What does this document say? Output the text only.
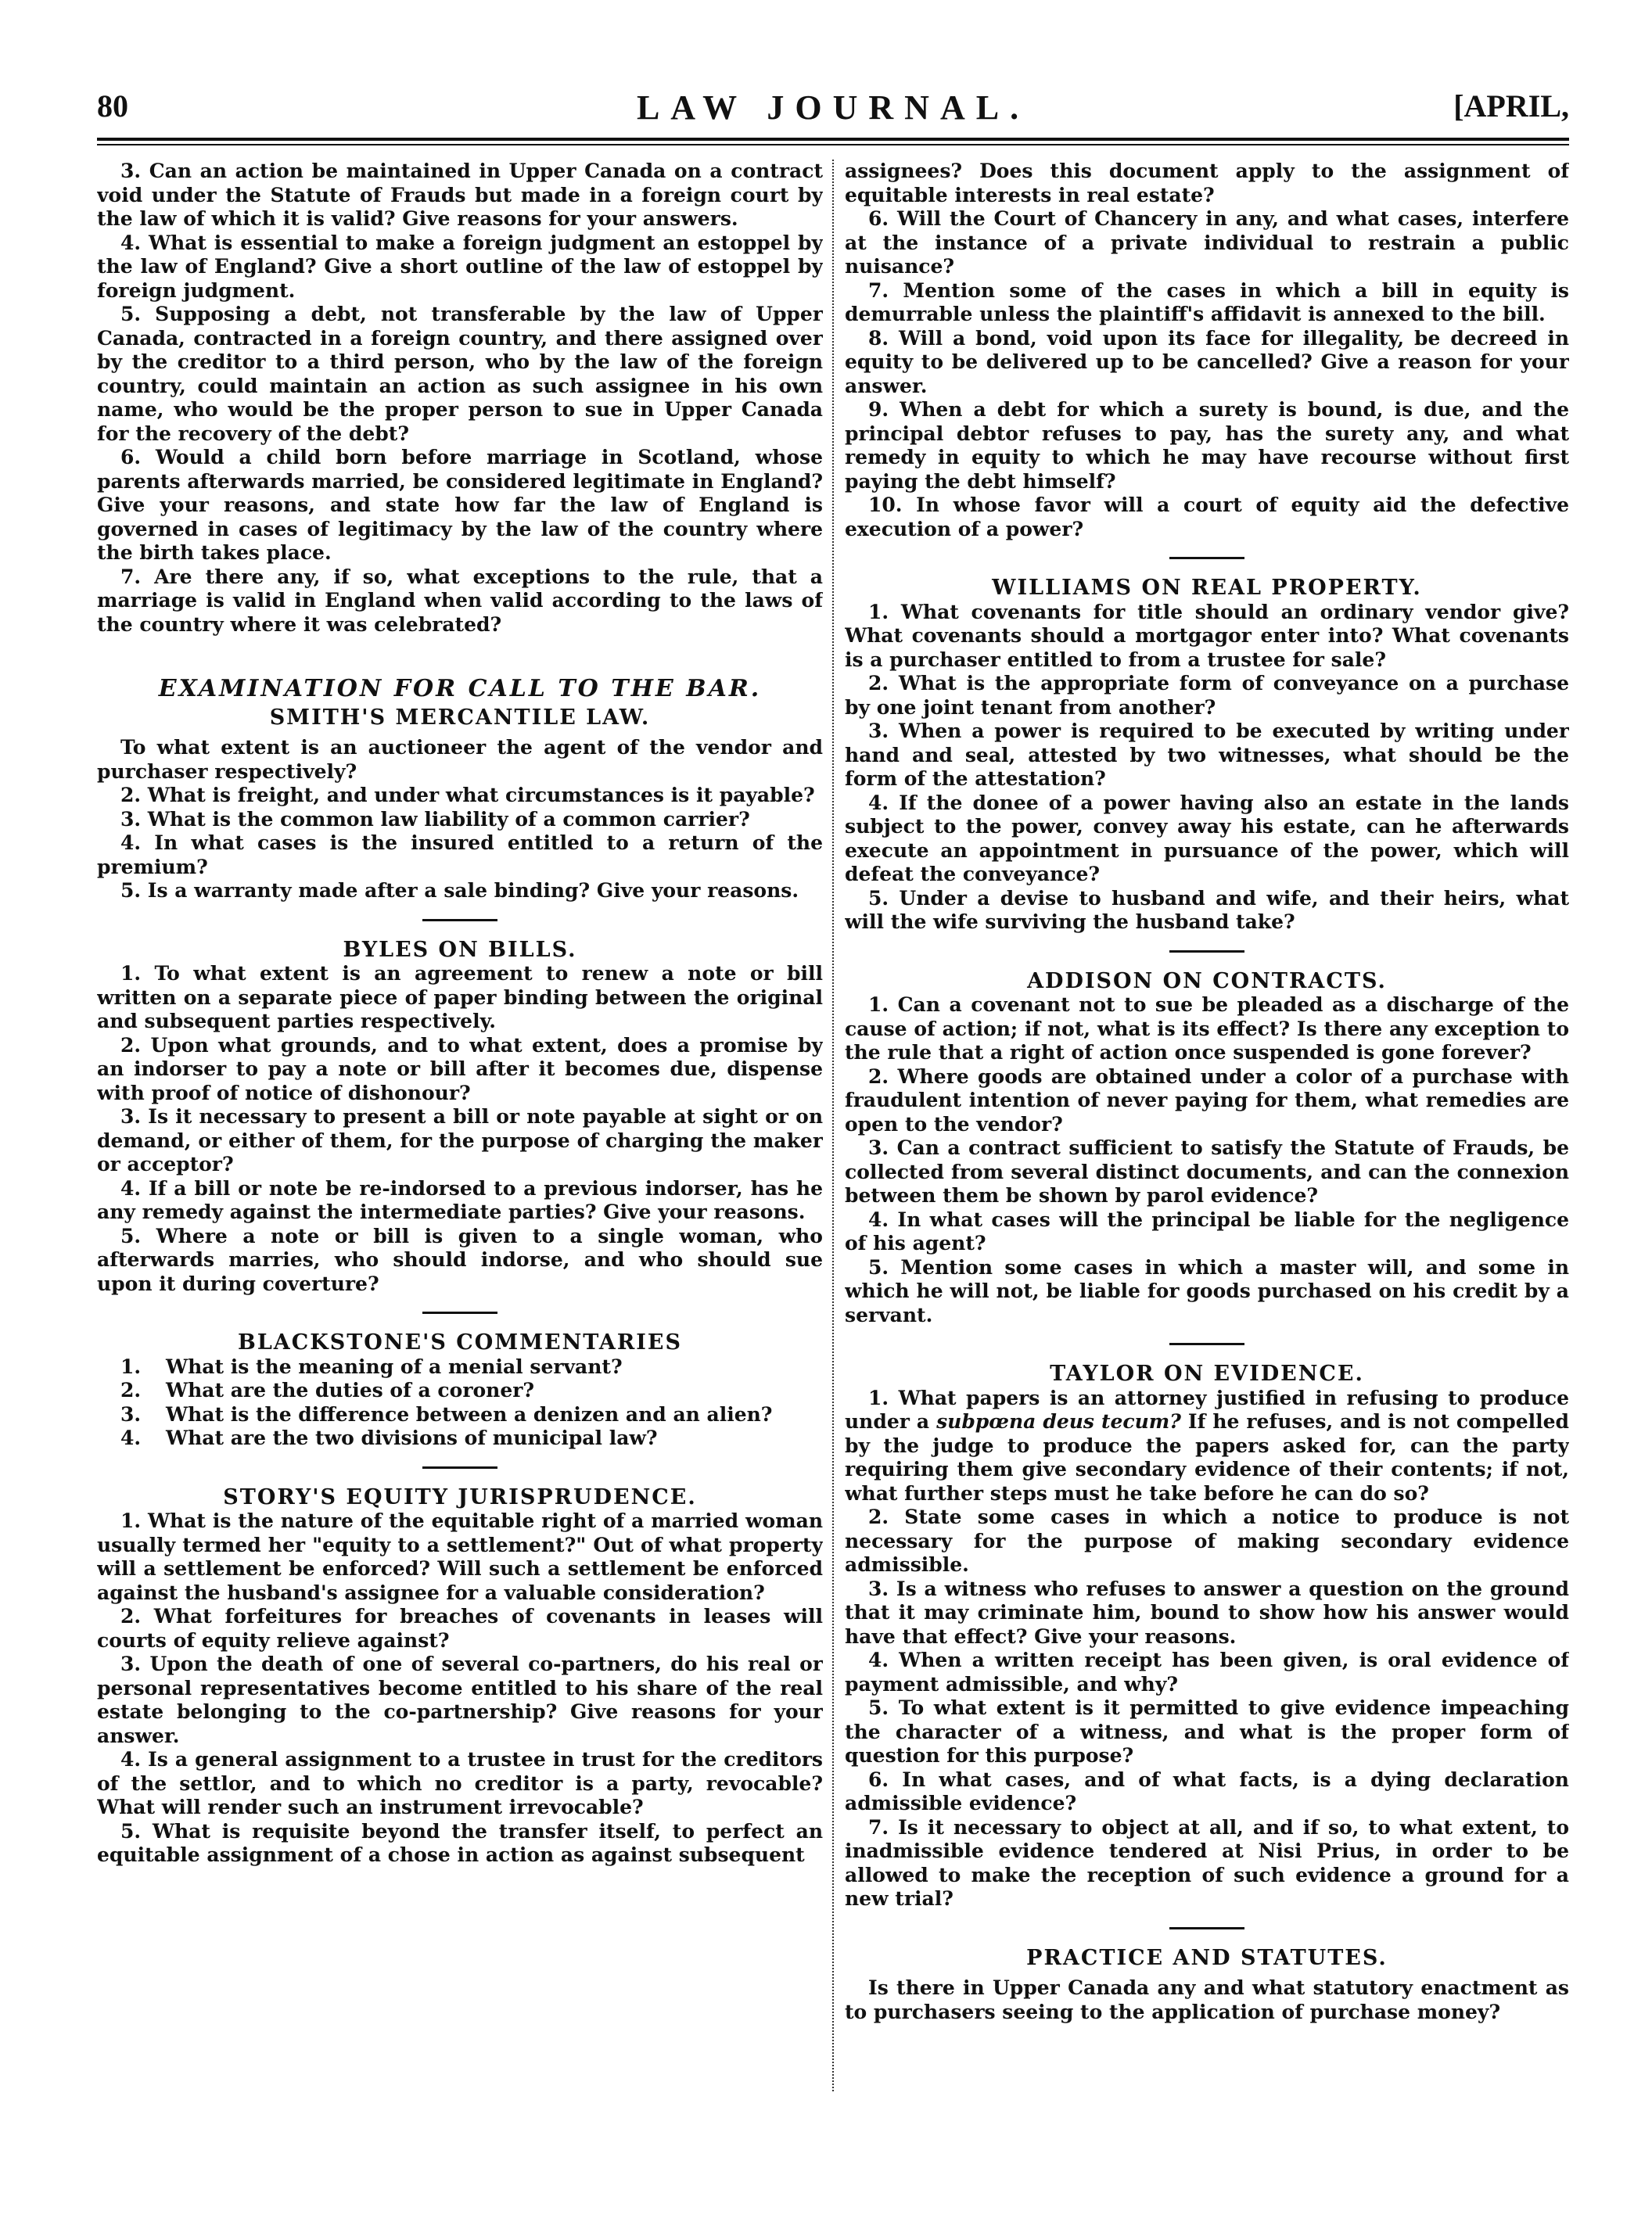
80	LAW JOURNAL.	[APRIL,

3. Can an action be maintained in Upper Canada on a contract void under the Statute of Frauds but made in a foreign court by the law of which it is valid? Give reasons for your answers.

4. What is essential to make a foreign judgment an estoppel by the law of England? Give a short outline of the law of estoppel by foreign judgment.

5. Supposing a debt, not transferable by the law of Upper Canada, contracted in a foreign country, and there assigned over by the creditor to a third person, who by the law of the foreign country, could maintain an action as such assignee in his own name, who would be the proper person to sue in Upper Canada for the recovery of the debt?

6. Would a child born before marriage in Scotland, whose parents afterwards married, be considered legitimate in England? Give your reasons, and state how far the law of England is governed in cases of legitimacy by the law of the country where the birth takes place.

7. Are there any, if so, what exceptions to the rule, that a marriage is valid in England when valid according to the laws of the country where it was celebrated?

EXAMINATION FOR CALL TO THE BAR.

SMITH'S MERCANTILE LAW.

To what extent is an auctioneer the agent of the vendor and purchaser respectively?

2. What is freight, and under what circumstances is it payable?

3. What is the common law liability of a common carrier?

4. In what cases is the insured entitled to a return of the premium?

5. Is a warranty made after a sale binding? Give your reasons.

BYLES ON BILLS.

1. To what extent is an agreement to renew a note or bill written on a separate piece of paper binding between the original and subsequent parties respectively.

2. Upon what grounds, and to what extent, does a promise by an indorser to pay a note or bill after it becomes due, dispense with proof of notice of dishonour?

3. Is it necessary to present a bill or note payable at sight or on demand, or either of them, for the purpose of charging the maker or acceptor?

4. If a bill or note be re-indorsed to a previous indorser, has he any remedy against the intermediate parties? Give your reasons.

5. Where a note or bill is given to a single woman, who afterwards marries, who should indorse, and who should sue upon it during coverture?

BLACKSTONE'S COMMENTARIES

1. What is the meaning of a menial servant?

2. What are the duties of a coroner?

3. What is the difference between a denizen and an alien?

4. What are the two divisions of municipal law?

STORY'S EQUITY JURISPRUDENCE.

1. What is the nature of the equitable right of a married woman usually termed her "equity to a settlement?" Out of what property will a settlement be enforced? Will such a settlement be enforced against the husband's assignee for a valuable consideration?

2. What forfeitures for breaches of covenants in leases will courts of equity relieve against?

3. Upon the death of one of several co-partners, do his real or personal representatives become entitled to his share of the real estate belonging to the co-partnership? Give reasons for your answer.

4. Is a general assignment to a trustee in trust for the creditors of the settlor, and to which no creditor is a party, revocable? What will render such an instrument irrevocable?

5. What is requisite beyond the transfer itself, to perfect an equitable assignment of a chose in action as against subsequent

assignees? Does this document apply to the assignment of equitable interests in real estate?

6. Will the Court of Chancery in any, and what cases, interfere at the instance of a private individual to restrain a public nuisance?

7. Mention some of the cases in which a bill in equity is demurrable unless the plaintiff's affidavit is annexed to the bill.

8. Will a bond, void upon its face for illegality, be decreed in equity to be delivered up to be cancelled? Give a reason for your answer.

9. When a debt for which a surety is bound, is due, and the principal debtor refuses to pay, has the surety any, and what remedy in equity to which he may have recourse without first paying the debt himself?

10. In whose favor will a court of equity aid the defective execution of a power?

WILLIAMS ON REAL PROPERTY.

1. What covenants for title should an ordinary vendor give? What covenants should a mortgagor enter into? What covenants is a purchaser entitled to from a trustee for sale?

2. What is the appropriate form of conveyance on a purchase by one joint tenant from another?

3. When a power is required to be executed by writing under hand and seal, attested by two witnesses, what should be the form of the attestation?

4. If the donee of a power having also an estate in the lands subject to the power, convey away his estate, can he afterwards execute an appointment in pursuance of the power, which will defeat the conveyance?

5. Under a devise to husband and wife, and their heirs, what will the wife surviving the husband take?

ADDISON ON CONTRACTS.

1. Can a covenant not to sue be pleaded as a discharge of the cause of action; if not, what is its effect? Is there any exception to the rule that a right of action once suspended is gone forever?

2. Where goods are obtained under a color of a purchase with fraudulent intention of never paying for them, what remedies are open to the vendor?

3. Can a contract sufficient to satisfy the Statute of Frauds, be collected from several distinct documents, and can the connexion between them be shown by parol evidence?

4. In what cases will the principal be liable for the negligence of his agent?

5. Mention some cases in which a master will, and some in which he will not, be liable for goods purchased on his credit by a servant.

TAYLOR ON EVIDENCE.

1. What papers is an attorney justified in refusing to produce under a subpœna deus tecum? If he refuses, and is not compelled by the judge to produce the papers asked for, can the party requiring them give secondary evidence of their contents; if not, what further steps must he take before he can do so?

2. State some cases in which a notice to produce is not necessary for the purpose of making secondary evidence admissible.

3. Is a witness who refuses to answer a question on the ground that it may criminate him, bound to show how his answer would have that effect? Give your reasons.

4. When a written receipt has been given, is oral evidence of payment admissible, and why?

5. To what extent is it permitted to give evidence impeaching the character of a witness, and what is the proper form of question for this purpose?

6. In what cases, and of what facts, is a dying declaration admissible evidence?

7. Is it necessary to object at all, and if so, to what extent, to inadmissible evidence tendered at Nisi Prius, in order to be allowed to make the reception of such evidence a ground for a new trial?

PRACTICE AND STATUTES.

Is there in Upper Canada any and what statutory enactment as to purchasers seeing to the application of purchase money?
